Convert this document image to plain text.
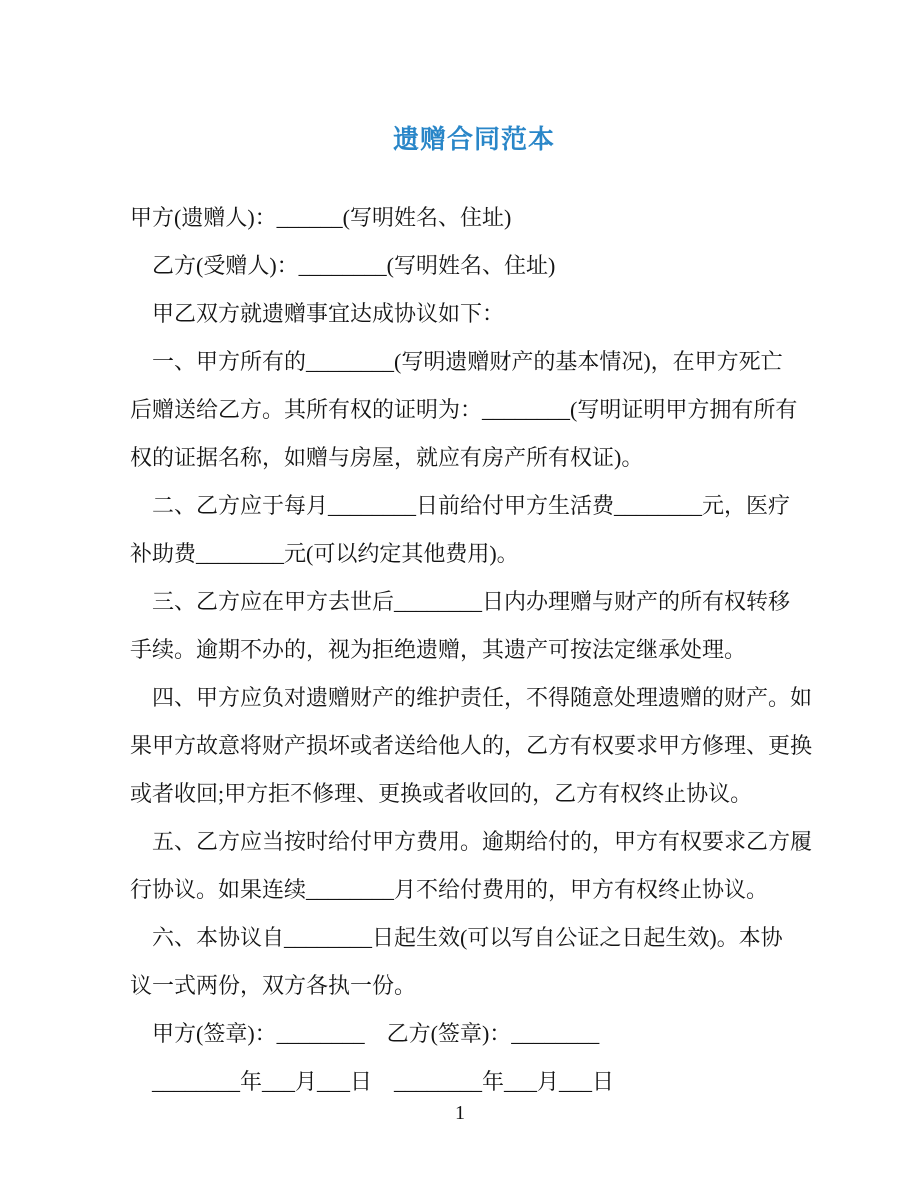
遗赠合同范本

甲方(遗赠人)：______(写明姓名、住址)

乙方(受赠人)：________(写明姓名、住址)

甲乙双方就遗赠事宜达成协议如下：

一、甲方所有的________(写明遗赠财产的基本情况)，在甲方死亡
后赠送给乙方。其所有权的证明为：________(写明证明甲方拥有所有
权的证据名称，如赠与房屋，就应有房产所有权证)。

二、乙方应于每月________日前给付甲方生活费________元，医疗
补助费________元(可以约定其他费用)。

三、乙方应在甲方去世后________日内办理赠与财产的所有权转移
手续。逾期不办的，视为拒绝遗赠，其遗产可按法定继承处理。

四、甲方应负对遗赠财产的维护责任，不得随意处理遗赠的财产。如
果甲方故意将财产损坏或者送给他人的，乙方有权要求甲方修理、更换
或者收回;甲方拒不修理、更换或者收回的，乙方有权终止协议。

五、乙方应当按时给付甲方费用。逾期给付的，甲方有权要求乙方履
行协议。如果连续________月不给付费用的，甲方有权终止协议。

六、本协议自________日起生效(可以写自公证之日起生效)。本协
议一式两份，双方各执一份。

甲方(签章)：________　乙方(签章)：________

________年___月___日　________年___月___日

1
